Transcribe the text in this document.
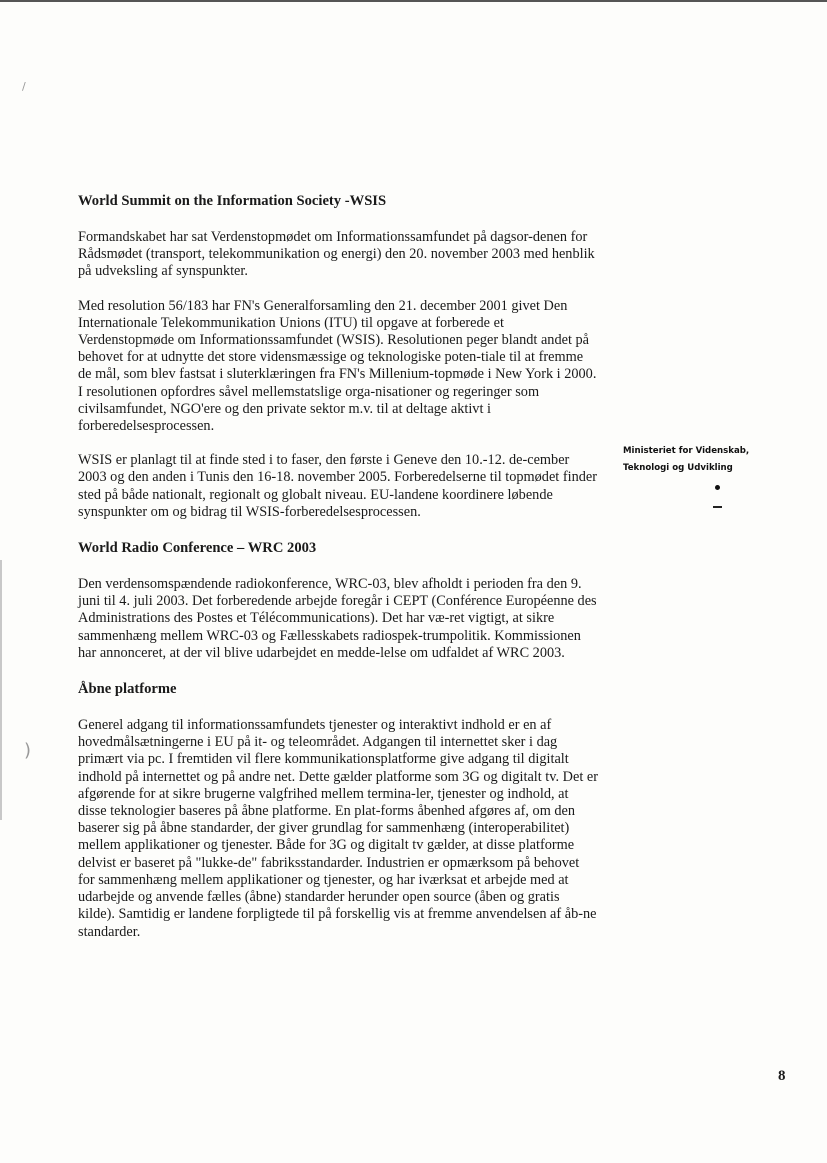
/
)
World Summit on the Information Society -WSIS

Formandskabet har sat Verdenstopmødet om Informationssamfundet på dagsor-denen for Rådsmødet (transport, telekommunikation og energi) den 20. november 2003 med henblik på udveksling af synspunkter.

Med resolution 56/183 har FN's Generalforsamling den 21. december 2001 givet Den Internationale Telekommunikation Unions (ITU) til opgave at forberede et Verdenstopmøde om Informationssamfundet (WSIS). Resolutionen peger blandt andet på behovet for at udnytte det store vidensmæssige og teknologiske poten-tiale til at fremme de mål, som blev fastsat i sluterklæringen fra FN's Millenium-topmøde i New York i 2000. I resolutionen opfordres såvel mellemstatslige orga-nisationer og regeringer som civilsamfundet, NGO'ere og den private sektor m.v. til at deltage aktivt i forberedelsesprocessen.

WSIS er planlagt til at finde sted i to faser, den første i Geneve den 10.-12. de-cember 2003 og den anden i Tunis den 16-18. november 2005. Forberedelserne til topmødet finder sted på både nationalt, regionalt og globalt niveau. EU-landene koordinere løbende synspunkter om og bidrag til WSIS-forberedelsesprocessen.

World Radio Conference – WRC 2003

Den verdensomspændende radiokonference, WRC-03, blev afholdt i perioden fra den 9. juni til 4. juli 2003. Det forberedende arbejde foregår i CEPT (Conférence Européenne des Administrations des Postes et Télécommunications). Det har væ-ret vigtigt, at sikre sammenhæng mellem WRC-03 og Fællesskabets radiospek-trumpolitik. Kommissionen har annonceret, at der vil blive udarbejdet en medde-lelse om udfaldet af WRC 2003.

Åbne platforme

Generel adgang til informationssamfundets tjenester og interaktivt indhold er en af hovedmålsætningerne i EU på it- og teleområdet. Adgangen til internettet sker i dag primært via pc. I fremtiden vil flere kommunikationsplatforme give adgang til digitalt indhold på internettet og på andre net. Dette gælder platforme som 3G og digitalt tv. Det er afgørende for at sikre brugerne valgfrihed mellem termina-ler, tjenester og indhold, at disse teknologier baseres på åbne platforme. En plat-forms åbenhed afgøres af, om den baserer sig på åbne standarder, der giver grundlag for sammenhæng (interoperabilitet) mellem applikationer og tjenester. Både for 3G og digitalt tv gælder, at disse platforme delvist er baseret på "lukke-de" fabriksstandarder. Industrien er opmærksom på behovet for sammenhæng mellem applikationer og tjenester, og har iværksat et arbejde med at udarbejde og anvende fælles (åbne) standarder herunder open source (åben og gratis kilde). Samtidig er landene forpligtede til på forskellig vis at fremme anvendelsen af åb-ne standarder.

Ministeriet for Videnskab,
Teknologi og Udvikling
8
